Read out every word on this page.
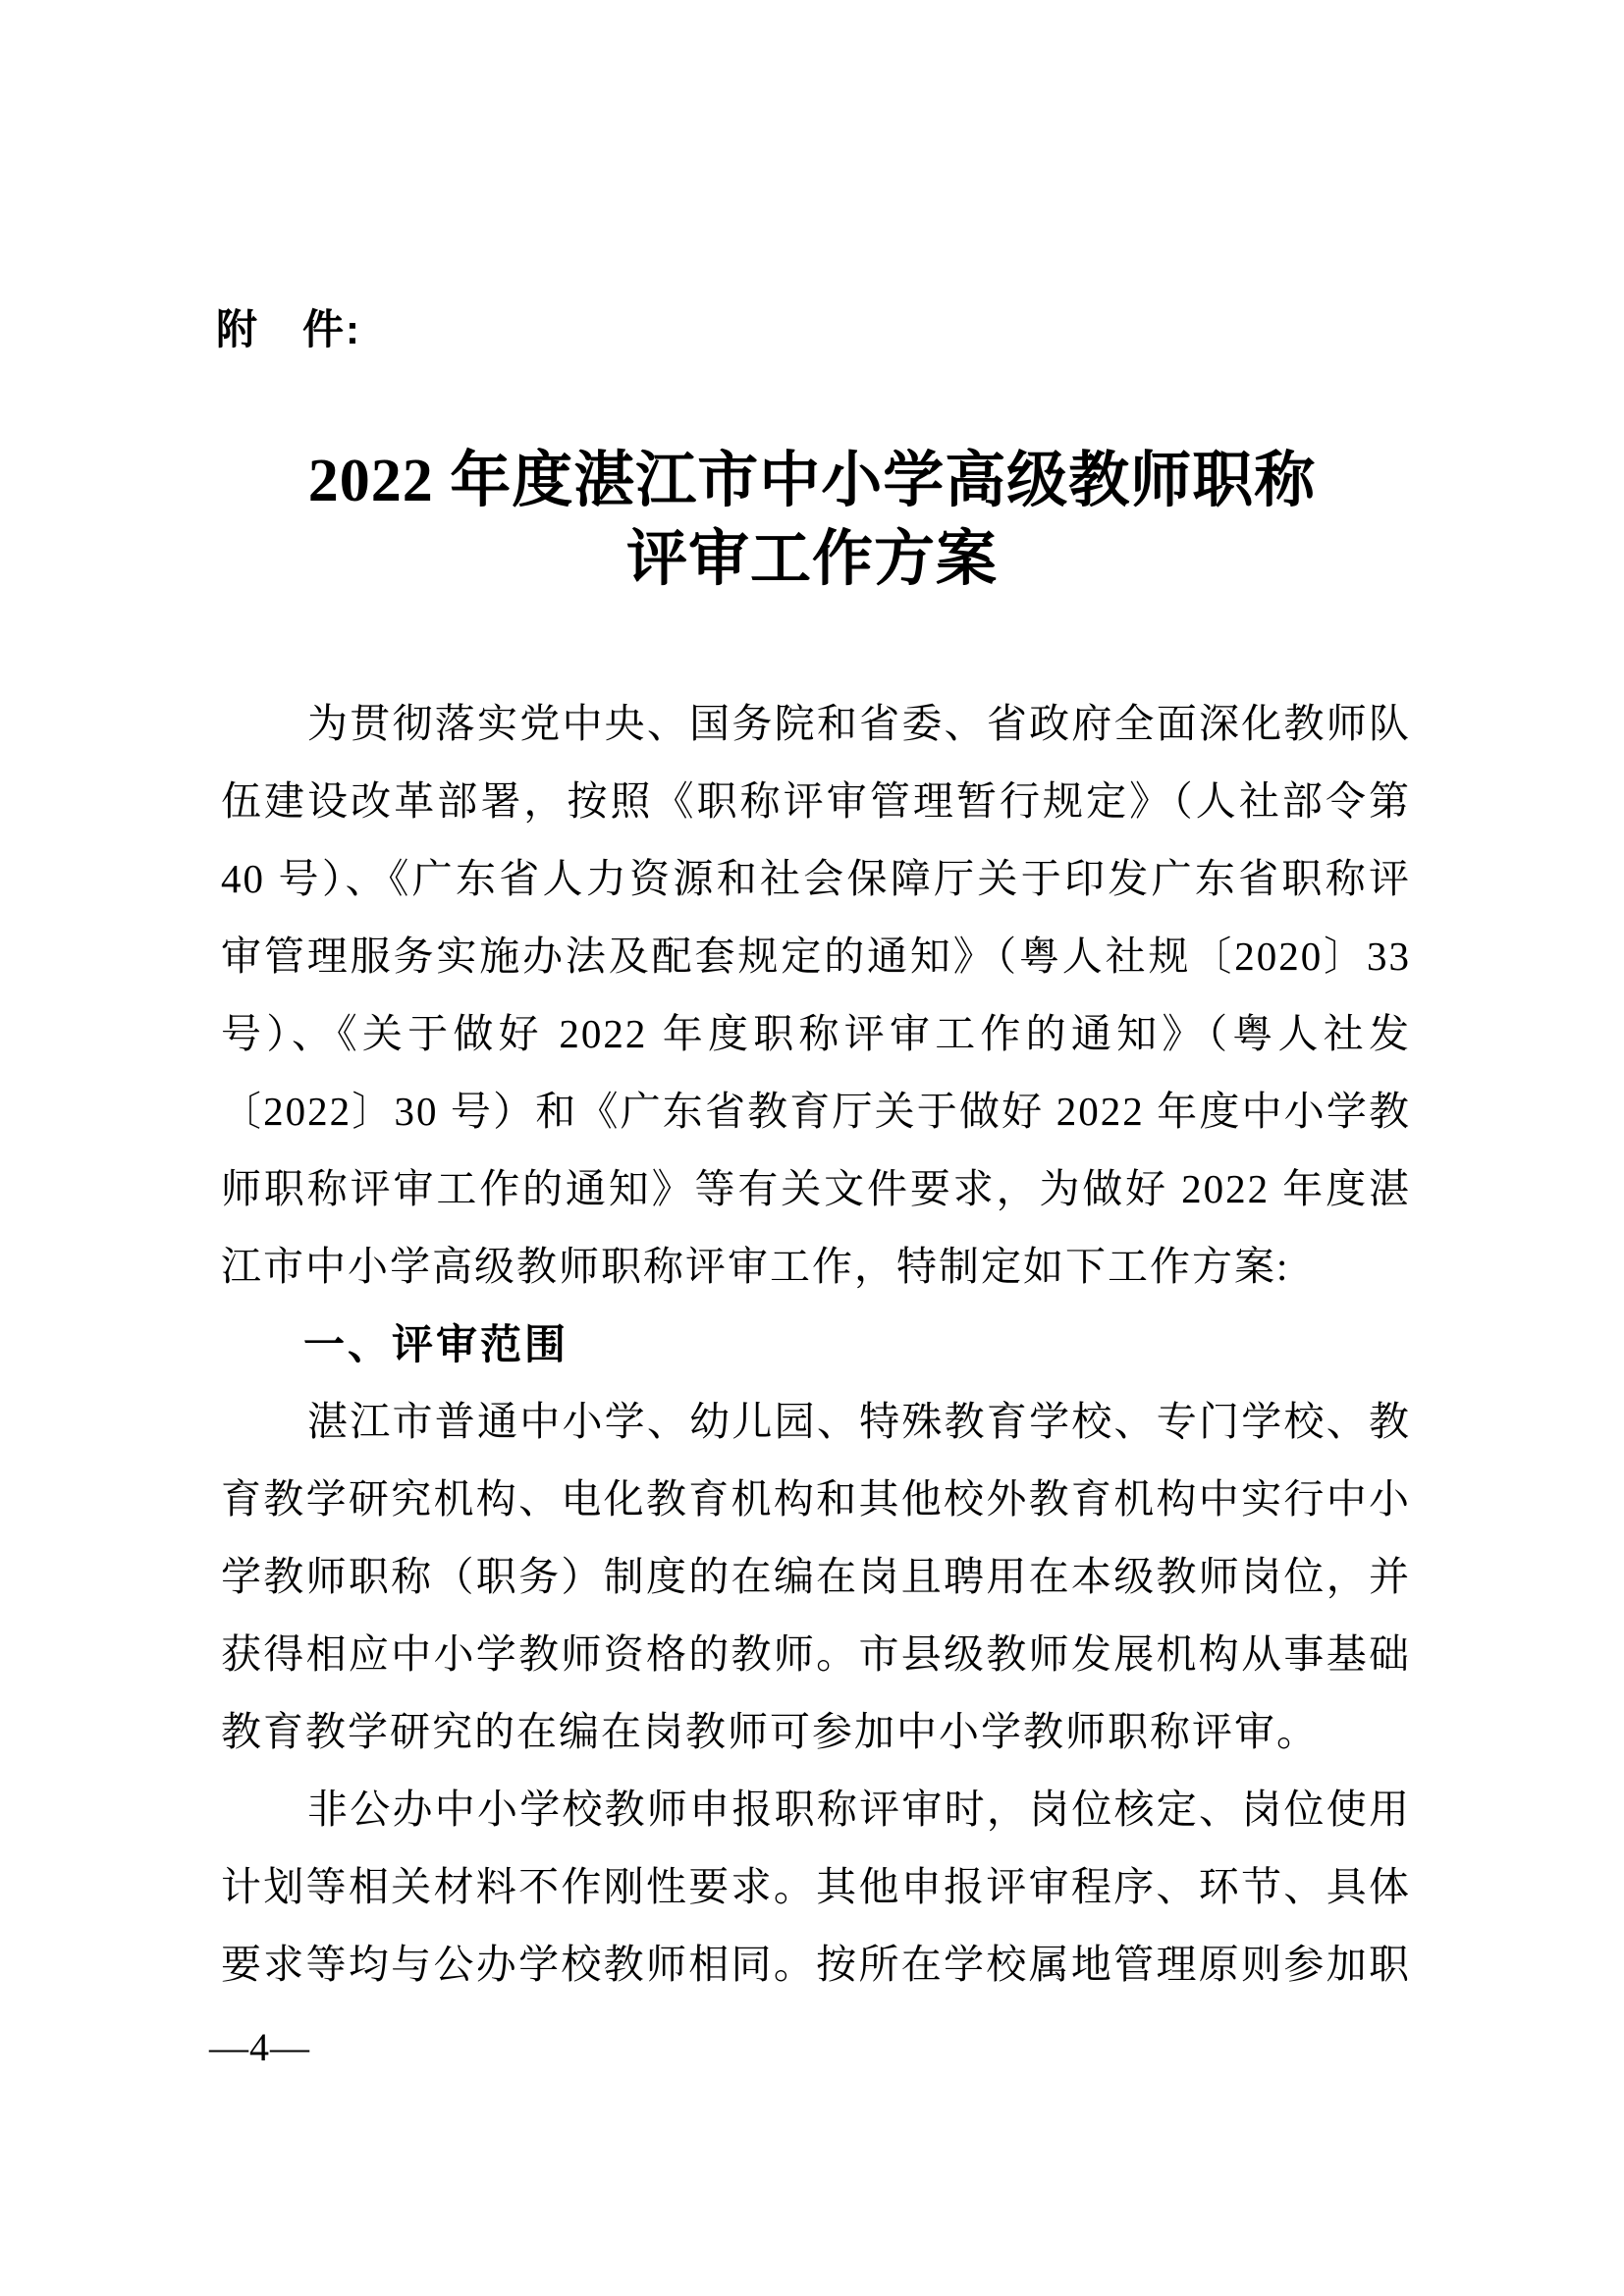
附　件:
2022 年度湛江市中小学高级教师职称
评审工作方案
为贯彻落实党中央、国务院和省委、省政府全面深化教师队
伍建设改革部署，按照《职称评审管理暂行规定》（人社部令第
40 号）、《广东省人力资源和社会保障厅关于印发广东省职称评
审管理服务实施办法及配套规定的通知》（粤人社规〔2020〕33
号）、《关于做好 2022 年度职称评审工作的通知》（粤人社发
〔2022〕30 号）和《广东省教育厅关于做好 2022 年度中小学教
师职称评审工作的通知》等有关文件要求，为做好 2022 年度湛
江市中小学高级教师职称评审工作，特制定如下工作方案:
一、评审范围
湛江市普通中小学、幼儿园、特殊教育学校、专门学校、教
育教学研究机构、电化教育机构和其他校外教育机构中实行中小
学教师职称（职务）制度的在编在岗且聘用在本级教师岗位，并
获得相应中小学教师资格的教师。市县级教师发展机构从事基础
教育教学研究的在编在岗教师可参加中小学教师职称评审。
非公办中小学校教师申报职称评审时，岗位核定、岗位使用
计划等相关材料不作刚性要求。其他申报评审程序、环节、具体
要求等均与公办学校教师相同。按所在学校属地管理原则参加职
—4—
